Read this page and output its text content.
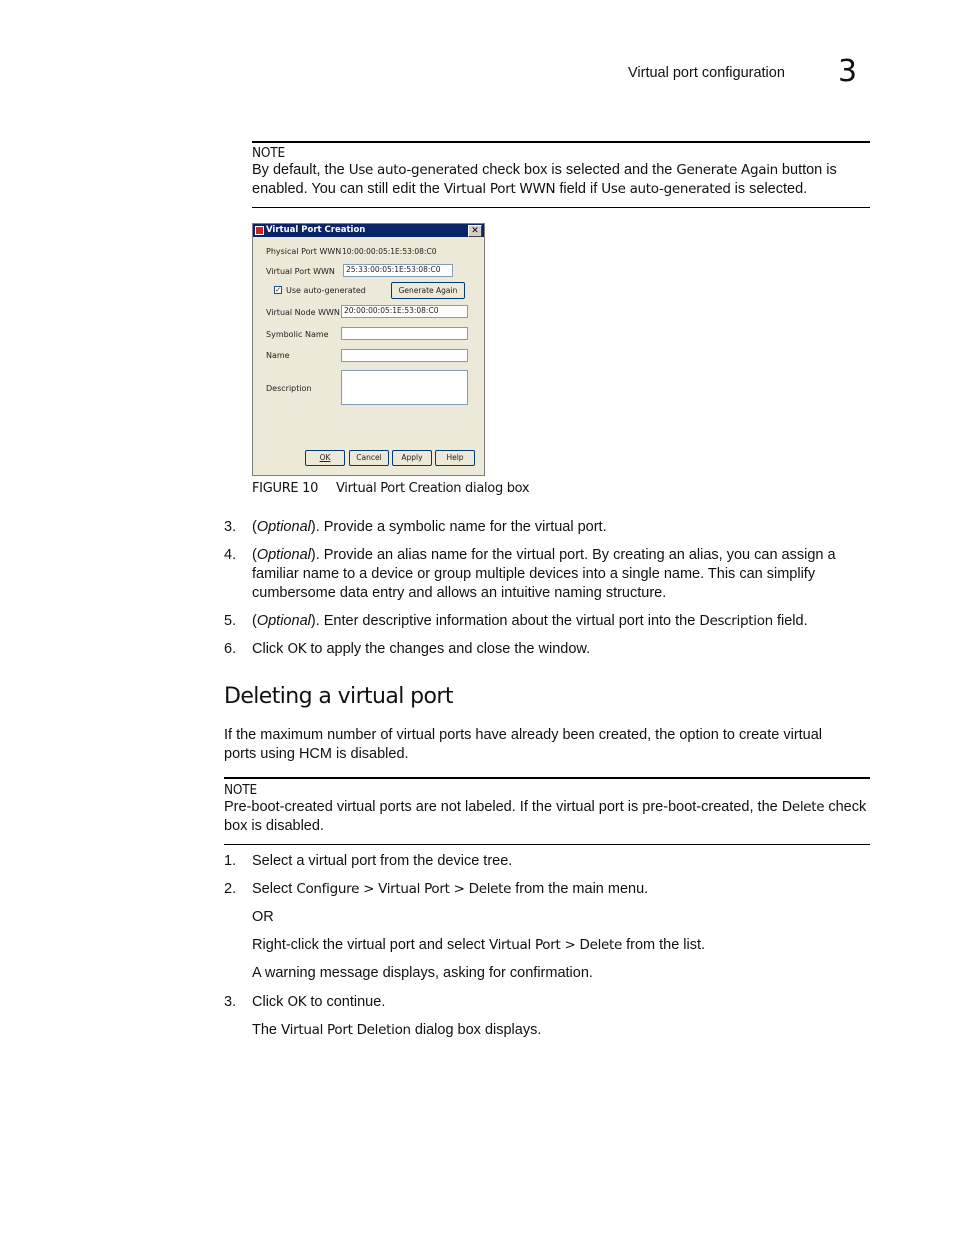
Virtual port configuration 3
NOTE
By default, the Use auto-generated check box is selected and the Generate Again button is enabled. You can still edit the Virtual Port WWN field if Use auto-generated is selected.
Virtual Port Creation	✕
Physical Port WWN 10:00:00:05:1E:53:08:C0
Virtual Port WWN	25:33:00:05:1E:53:08:C0
✓ Use auto-generated	Generate Again
Virtual Node WWN 20:00:00:05:1E:53:08:C0
Symbolic Name
Name
Description
OK	Cancel	Apply	Help
FIGURE 10 Virtual Port Creation dialog box
3. (Optional). Provide a symbolic name for the virtual port.
4. (Optional). Provide an alias name for the virtual port. By creating an alias, you can assign a familiar name to a device or group multiple devices into a single name. This can simplify cumbersome data entry and allows an intuitive naming structure.
5. (Optional). Enter descriptive information about the virtual port into the Description field.
6. Click OK to apply the changes and close the window.
Deleting a virtual port
If the maximum number of virtual ports have already been created, the option to create virtual ports using HCM is disabled.
NOTE
Pre-boot-created virtual ports are not labeled. If the virtual port is pre-boot-created, the Delete check box is disabled.
1. Select a virtual port from the device tree.
2. Select Configure > Virtual Port > Delete from the main menu.
OR
Right-click the virtual port and select Virtual Port > Delete from the list.
A warning message displays, asking for confirmation.
3. Click OK to continue.
The Virtual Port Deletion dialog box displays.
